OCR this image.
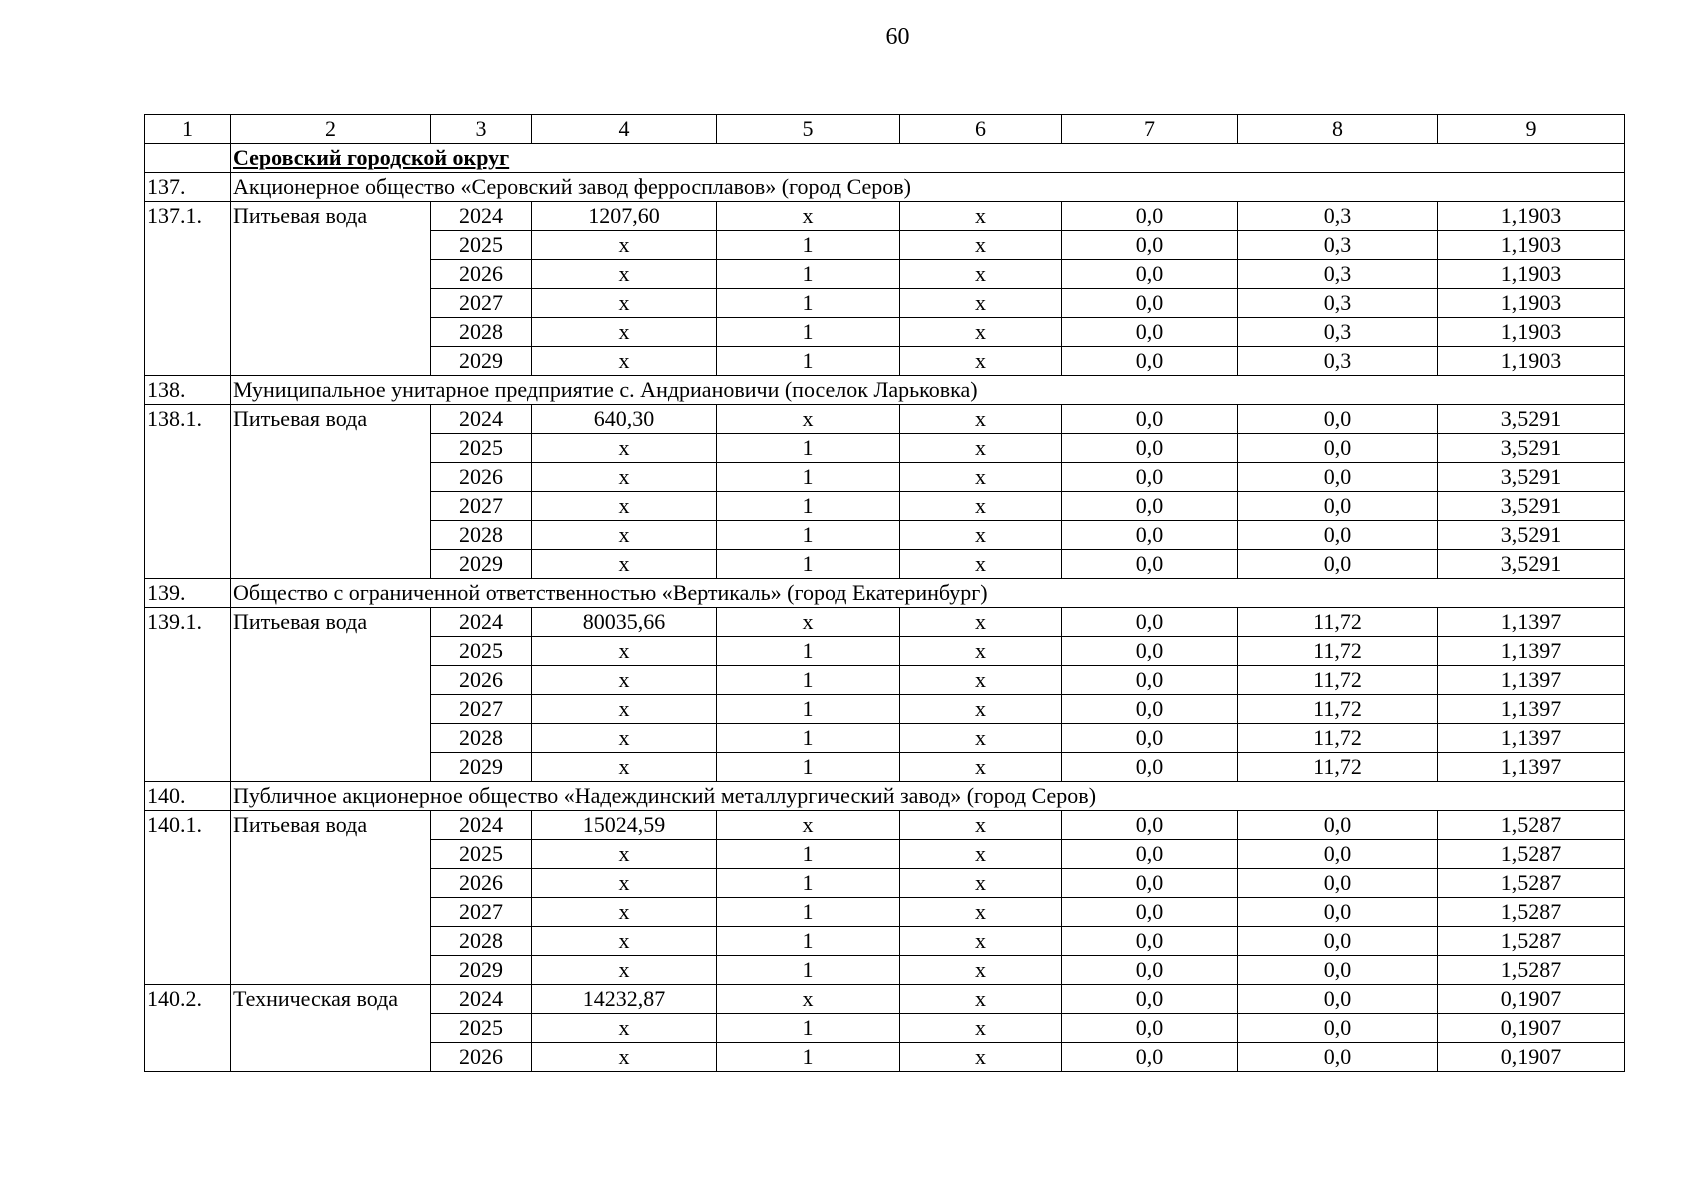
60
1	2	3	4	5	6	7	8	9
	Серовский городской округ							
137.	Акционерное общество «Серовский завод ферросплавов» (город Серов)							
137.1.	Питьевая вода	2024	1207,60	x	x	0,0	0,3	1,1903
		2025	x	1	x	0,0	0,3	1,1903
		2026	x	1	x	0,0	0,3	1,1903
		2027	x	1	x	0,0	0,3	1,1903
		2028	x	1	x	0,0	0,3	1,1903
		2029	x	1	x	0,0	0,3	1,1903
138.	Муниципальное унитарное предприятие с. Андриановичи (поселок Ларьковка)							
138.1.	Питьевая вода	2024	640,30	x	x	0,0	0,0	3,5291
		2025	x	1	x	0,0	0,0	3,5291
		2026	x	1	x	0,0	0,0	3,5291
		2027	x	1	x	0,0	0,0	3,5291
		2028	x	1	x	0,0	0,0	3,5291
		2029	x	1	x	0,0	0,0	3,5291
139.	Общество с ограниченной ответственностью «Вертикаль» (город Екатеринбург)							
139.1.	Питьевая вода	2024	80035,66	x	x	0,0	11,72	1,1397
		2025	x	1	x	0,0	11,72	1,1397
		2026	x	1	x	0,0	11,72	1,1397
		2027	x	1	x	0,0	11,72	1,1397
		2028	x	1	x	0,0	11,72	1,1397
		2029	x	1	x	0,0	11,72	1,1397
140.	Публичное акционерное общество «Надеждинский металлургический завод» (город Серов)							
140.1.	Питьевая вода	2024	15024,59	x	x	0,0	0,0	1,5287
		2025	x	1	x	0,0	0,0	1,5287
		2026	x	1	x	0,0	0,0	1,5287
		2027	x	1	x	0,0	0,0	1,5287
		2028	x	1	x	0,0	0,0	1,5287
		2029	x	1	x	0,0	0,0	1,5287
140.2.	Техническая вода	2024	14232,87	x	x	0,0	0,0	0,1907
		2025	x	1	x	0,0	0,0	0,1907
		2026	x	1	x	0,0	0,0	0,1907
